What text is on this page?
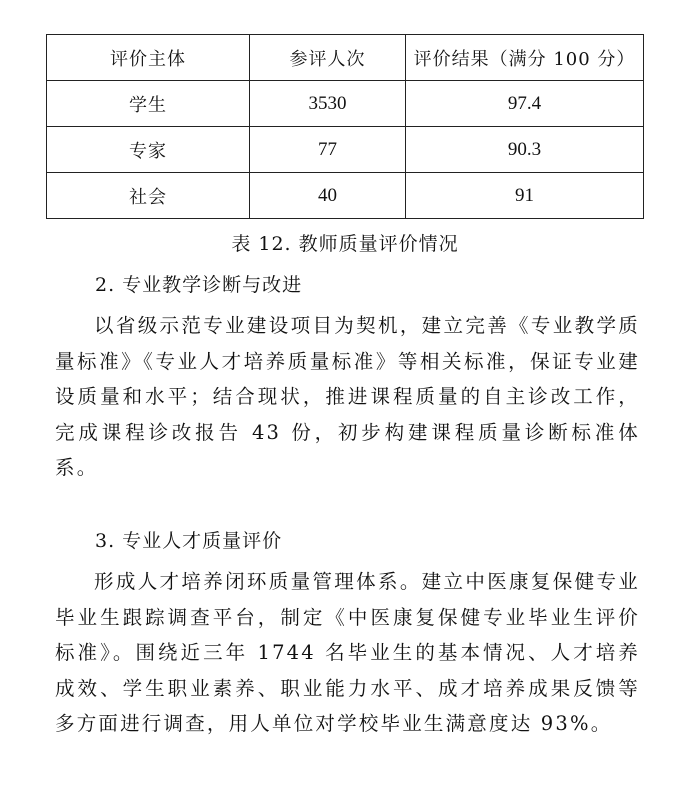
评价主体	参评人次	评价结果（满分 100 分）
学生	3530	97.4
专家	77	90.3
社会	40	91
表 12. 教师质量评价情况
2. 专业教学诊断与改进

以省级示范专业建设项目为契机，建立完善《专业教学质量标准》《专业人才培养质量标准》等相关标准，保证专业建设质量和水平；结合现状，推进课程质量的自主诊改工作，完成课程诊改报告 43 份，初步构建课程质量诊断标准体系。

3. 专业人才质量评价

形成人才培养闭环质量管理体系。建立中医康复保健专业毕业生跟踪调查平台，制定《中医康复保健专业毕业生评价标准》。围绕近三年 1744 名毕业生的基本情况、人才培养成效、学生职业素养、职业能力水平、成才培养成果反馈等多方面进行调查，用人单位对学校毕业生满意度达 93%。
